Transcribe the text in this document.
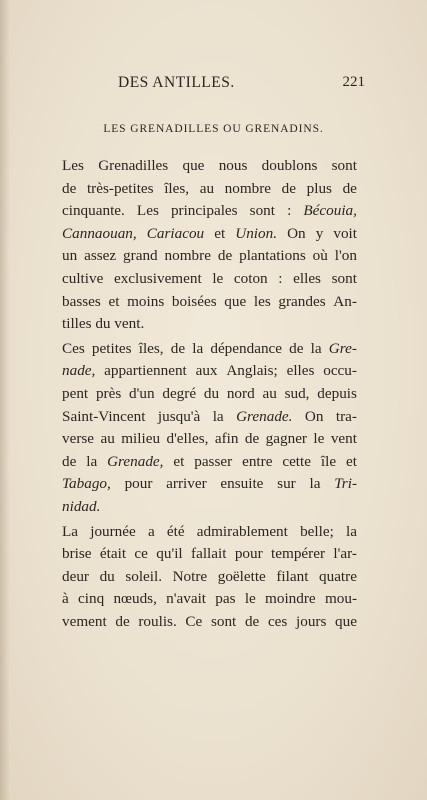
DES ANTILLES.	221
LES GRENADILLES OU GRENADINS.
Les Grenadilles que nous doublons sont
de très-petites îles, au nombre de plus de
cinquante. Les principales sont : Bécouia,
Cannaouan, Cariacou et Union. On y voit
un assez grand nombre de plantations où l'on
cultive exclusivement le coton : elles sont
basses et moins boisées que les grandes An-
tilles du vent.
Ces petites îles, de la dépendance de la Gre-
nade, appartiennent aux Anglais; elles occu-
pent près d'un degré du nord au sud, depuis
Saint-Vincent jusqu'à la Grenade. On tra-
verse au milieu d'elles, afin de gagner le vent
de la Grenade, et passer entre cette île et
Tabago, pour arriver ensuite sur la Tri-
nidad.
La journée a été admirablement belle; la
brise était ce qu'il fallait pour tempérer l'ar-
deur du soleil. Notre goëlette filant quatre
à cinq nœuds, n'avait pas le moindre mou-
vement de roulis. Ce sont de ces jours que
